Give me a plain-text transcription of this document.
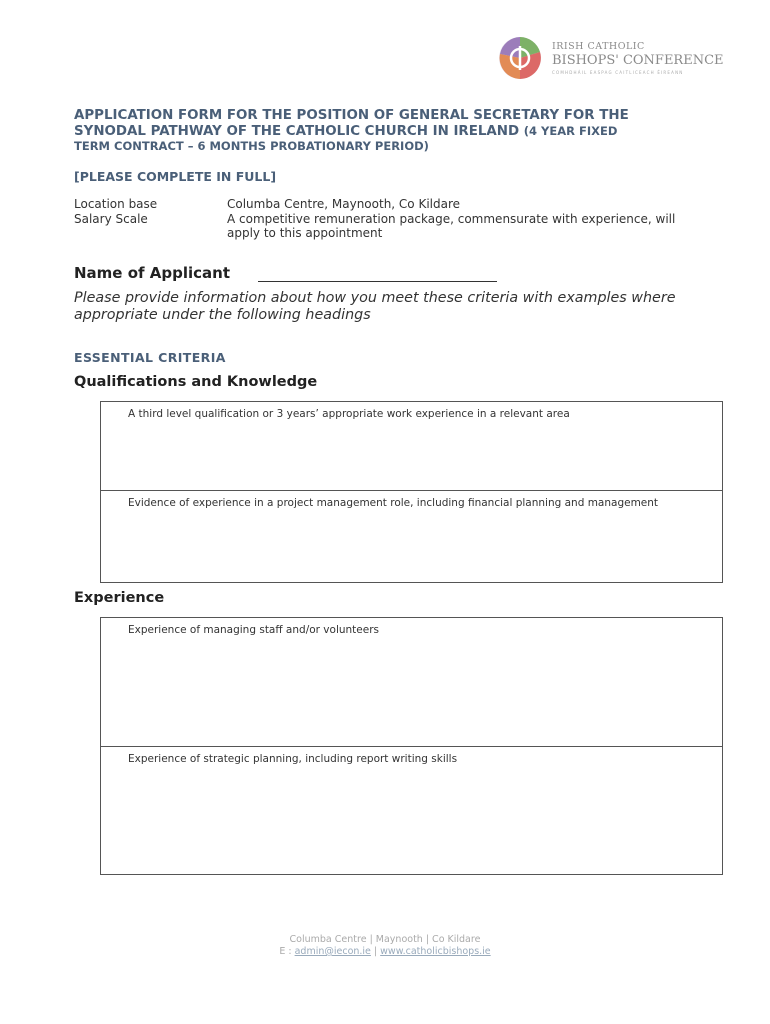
IRISH CATHOLIC
BISHOPS' CONFERENCE
COMHDHÁIL EASPAG CAITLICEACH ÉIREANN
APPLICATION FORM FOR THE POSITION OF GENERAL SECRETARY FOR THE
SYNODAL PATHWAY OF THE CATHOLIC CHURCH IN IRELAND (4 YEAR FIXED
TERM CONTRACT – 6 MONTHS PROBATIONARY PERIOD)
[PLEASE COMPLETE IN FULL]
Location base	Columba Centre, Maynooth, Co Kildare
Salary Scale	A competitive remuneration package, commensurate with experience, will apply to this appointment
Name of Applicant
Please provide information about how you meet these criteria with examples where appropriate under the following headings
ESSENTIAL CRITERIA
Qualifications and Knowledge
A third level qualification or 3 years’ appropriate work experience in a relevant area
Evidence of experience in a project management role, including financial planning and management
Experience
Experience of managing staff and/or volunteers
Experience of strategic planning, including report writing skills
Columba Centre | Maynooth | Co Kildare
E : admin@iecon.ie | www.catholicbishops.ie
